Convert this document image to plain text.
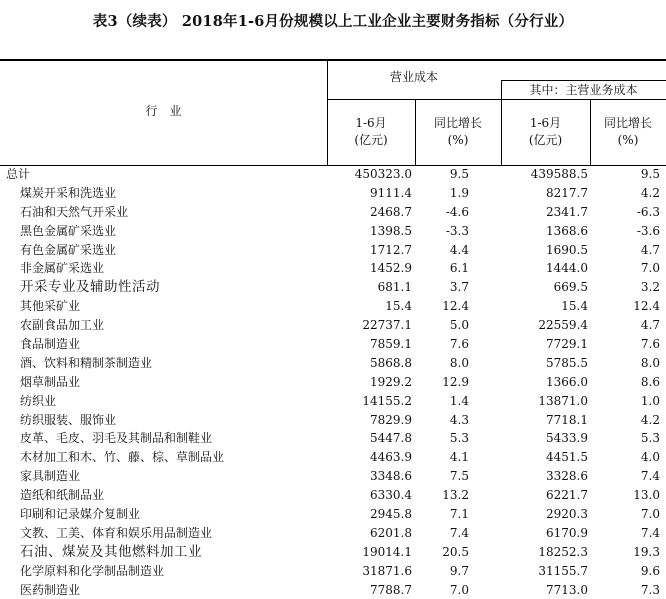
表3（续表） 2018年1-6月份规模以上工业企业主要财务指标（分行业）
行　业
营业成本
其中：主营业务成本
1-6月
(亿元)
同比增长
(%)
1-6月
(亿元)
同比增长
(%)
总计	450323.0	9.5	439588.5	9.5
煤炭开采和洗选业	9111.4	1.9	8217.7	4.2
石油和天然气开采业	2468.7	-4.6	2341.7	-6.3
黑色金属矿采选业	1398.5	-3.3	1368.6	-3.6
有色金属矿采选业	1712.7	4.4	1690.5	4.7
非金属矿采选业	1452.9	6.1	1444.0	7.0
开采专业及辅助性活动	681.1	3.7	669.5	3.2
其他采矿业	15.4	12.4	15.4	12.4
农副食品加工业	22737.1	5.0	22559.4	4.7
食品制造业	7859.1	7.6	7729.1	7.6
酒、饮料和精制茶制造业	5868.8	8.0	5785.5	8.0
烟草制品业	1929.2	12.9	1366.0	8.6
纺织业	14155.2	1.4	13871.0	1.0
纺织服装、服饰业	7829.9	4.3	7718.1	4.2
皮革、毛皮、羽毛及其制品和制鞋业	5447.8	5.3	5433.9	5.3
木材加工和木、竹、藤、棕、草制品业	4463.9	4.1	4451.5	4.0
家具制造业	3348.6	7.5	3328.6	7.4
造纸和纸制品业	6330.4	13.2	6221.7	13.0
印刷和记录媒介复制业	2945.8	7.1	2920.3	7.0
文教、工美、体育和娱乐用品制造业	6201.8	7.4	6170.9	7.4
石油、煤炭及其他燃料加工业	19014.1	20.5	18252.3	19.3
化学原料和化学制品制造业	31871.6	9.7	31155.7	9.6
医药制造业	7788.7	7.0	7713.0	7.3
